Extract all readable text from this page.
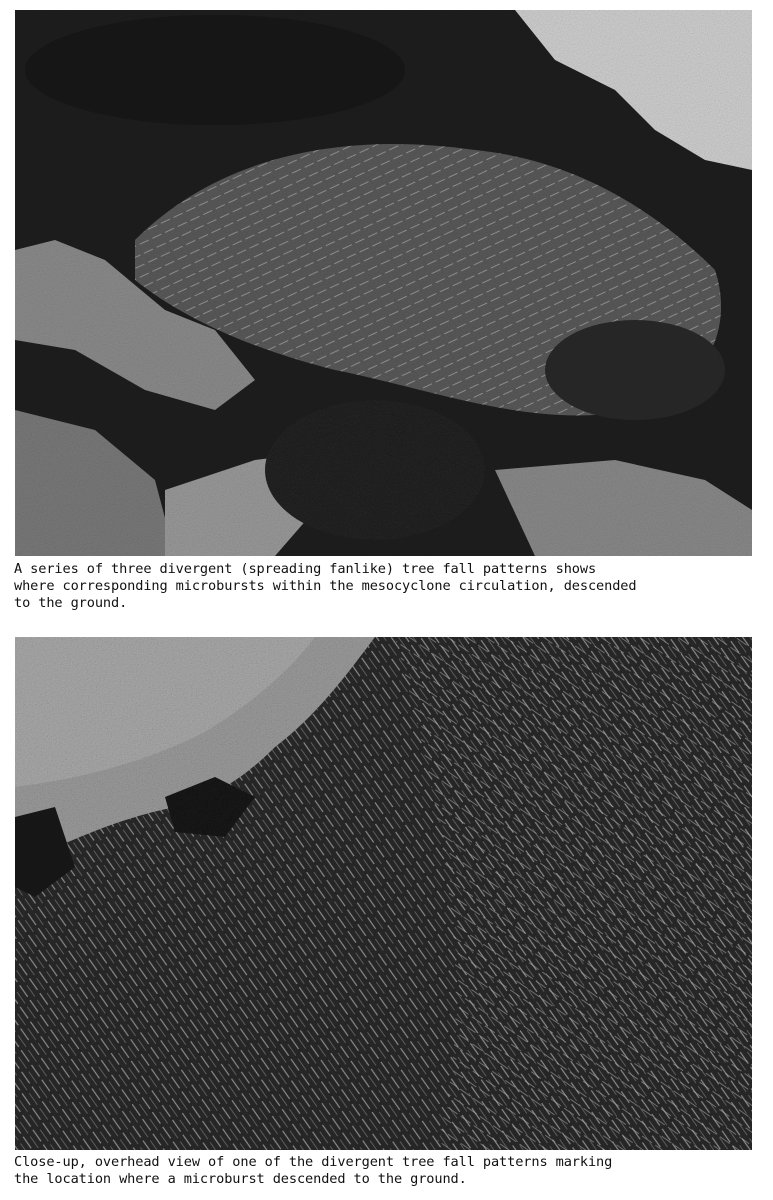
A series of three divergent (spreading fanlike) tree fall patterns shows
where corresponding microbursts within the mesocyclone circulation, descended
to the ground.
Close-up, overhead view of one of the divergent tree fall patterns marking
the location where a microburst descended to the ground.
